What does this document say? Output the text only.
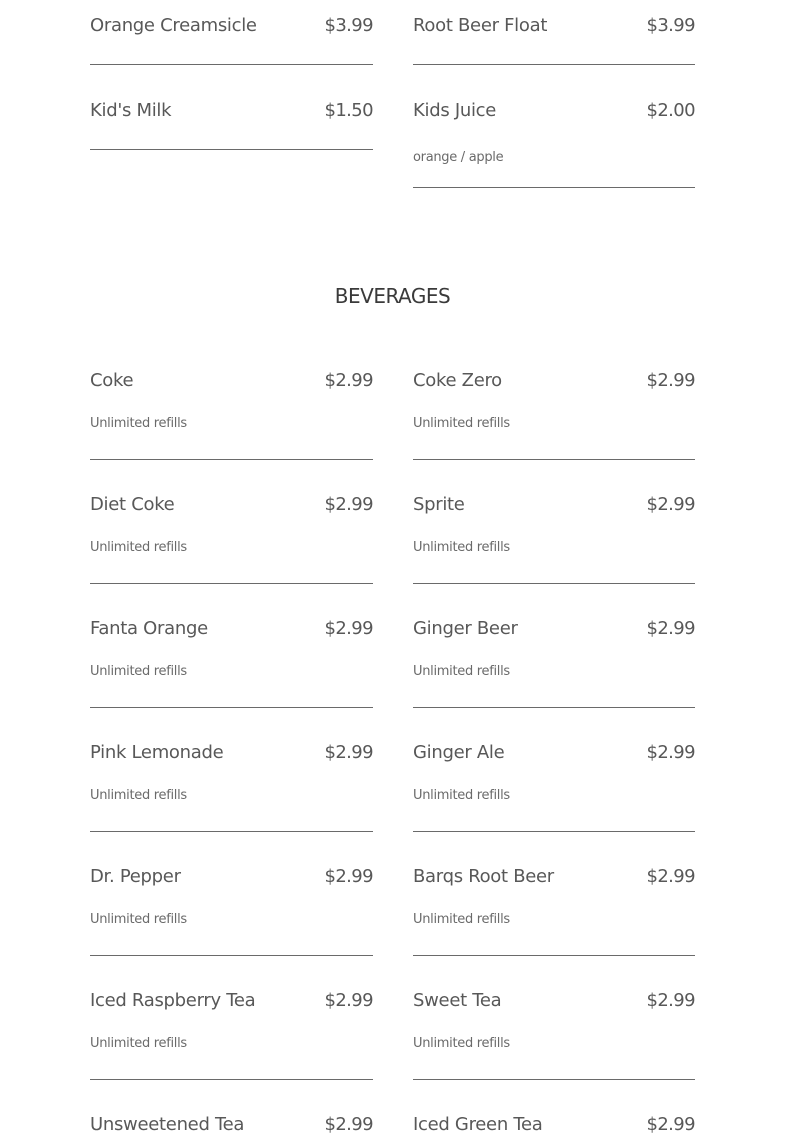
Orange Creamsicle	$3.99 Root Beer Float	$3.99
Kid's Milk	$1.50 Kids Juice	$2.00
orange / apple
BEVERAGES
Coke	$2.99
Unlimited refills
Coke Zero	$2.99
Unlimited refills
Diet Coke	$2.99
Unlimited refills
Sprite	$2.99
Unlimited refills
Fanta Orange	$2.99
Unlimited refills
Ginger Beer	$2.99
Unlimited refills
Pink Lemonade	$2.99
Unlimited refills
Ginger Ale	$2.99
Unlimited refills
Dr. Pepper	$2.99
Unlimited refills
Barqs Root Beer	$2.99
Unlimited refills
Iced Raspberry Tea	$2.99
Unlimited refills
Sweet Tea	$2.99
Unlimited refills
Unsweetened Tea	$2.99 Iced Green Tea	$2.99
